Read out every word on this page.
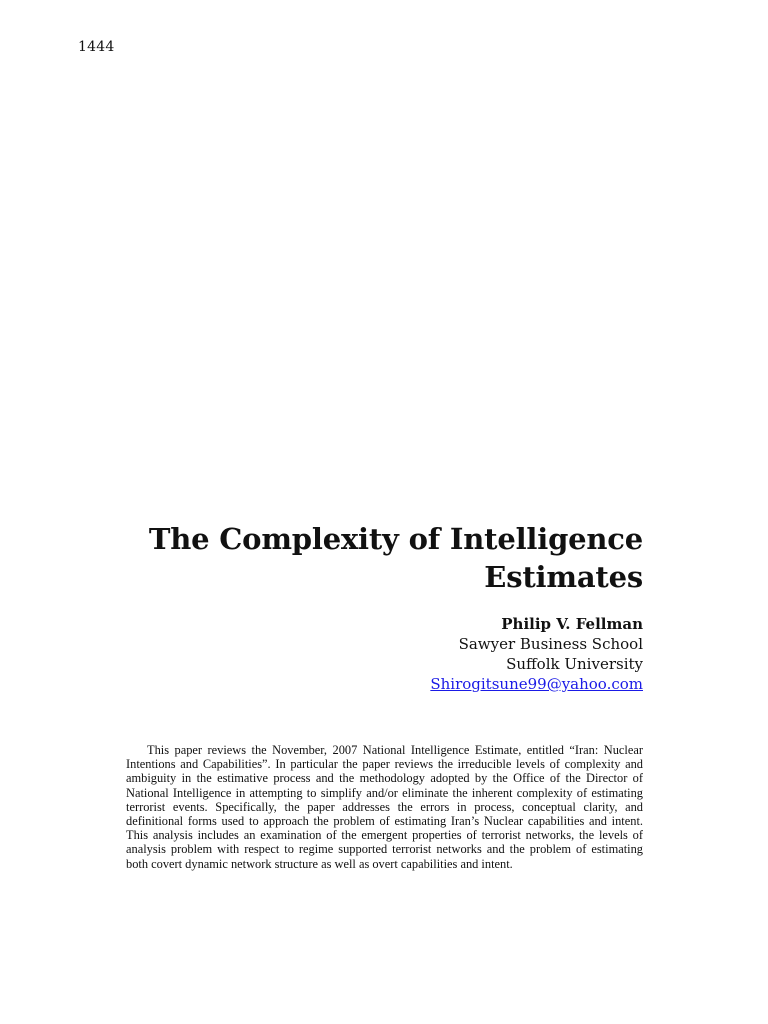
1444
The Complexity of Intelligence
Estimates
Philip V. Fellman
Sawyer Business School
Suffolk University
Shirogitsune99@yahoo.com

This paper reviews the November, 2007 National Intelligence Estimate, entitled “Iran: Nuclear Intentions and Capabilities”. In particular the paper reviews the irreducible levels of complexity and ambiguity in the estimative process and the methodology adopted by the Office of the Director of National Intelligence in attempting to simplify and/or eliminate the inherent complexity of estimating terrorist events. Specifically, the paper addresses the errors in process, conceptual clarity, and definitional forms used to approach the problem of estimating Iran’s Nuclear capabilities and intent. This analysis includes an examination of the emergent properties of terrorist networks, the levels of analysis problem with respect to regime supported terrorist networks and the problem of estimating both covert dynamic network structure as well as overt capabilities and intent.
